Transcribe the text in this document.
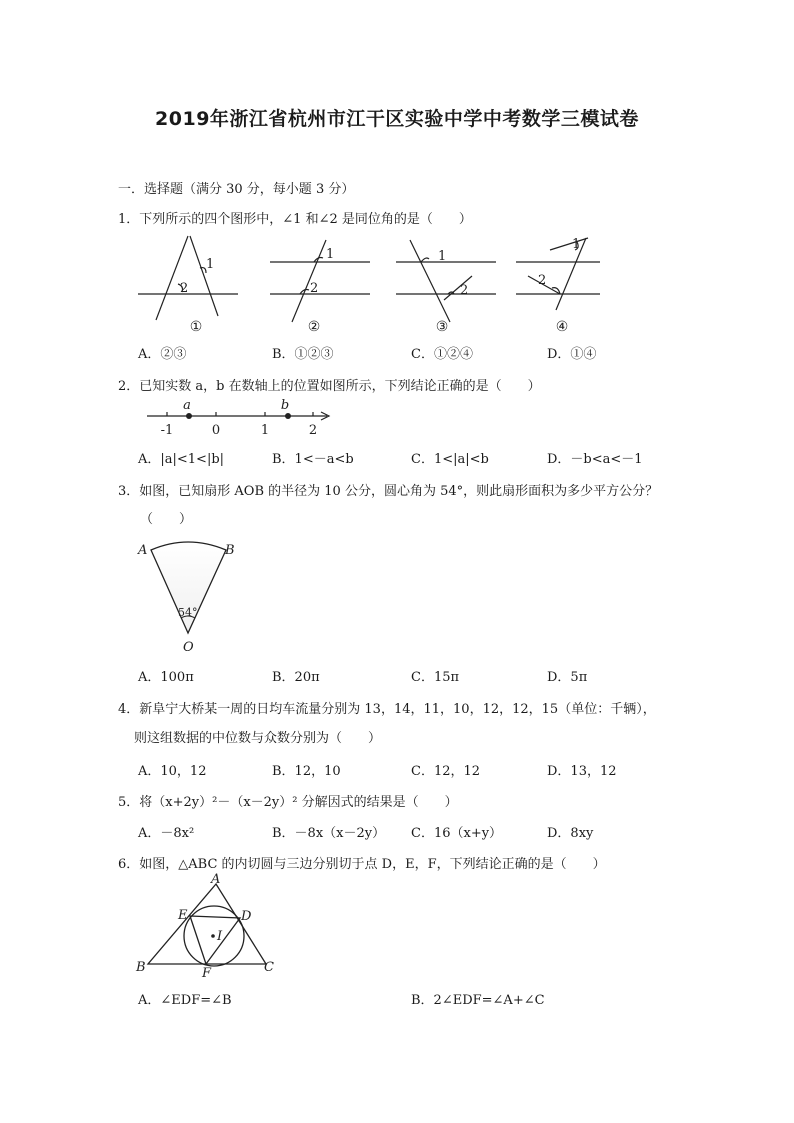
2019年浙江省杭州市江干区实验中学中考数学三模试卷
一．选择题（满分 30 分，每小题 3 分）
1．下列所示的四个图形中，∠1 和∠2 是同位角的是（　　）
1
2
1
2
1
2
1
2
①	②	③	④
A．②③	B．①②③	C．①②④	D．①④
2．已知实数 a，b 在数轴上的位置如图所示，下列结论正确的是（　　）
a	b
-1	0	1	2
A．|a|<1<|b|	B．1<－a<b	C．1<|a|<b	D．－b<a<－1
3．如图，已知扇形 AOB 的半径为 10 公分，圆心角为 54°，则此扇形面积为多少平方公分？
（　　）
A	B
O
54°
A．100π	B．20π	C．15π	D．5π
4．新阜宁大桥某一周的日均车流量分别为 13，14，11，10，12，12，15（单位：千辆），
则这组数据的中位数与众数分别为（　　）
A．10，12	B．12，10	C．12，12	D．13，12
5．将（x+2y）²－（x－2y）² 分解因式的结果是（　　）
A．－8x²	B．－8x（x－2y） C．16（x+y）	D．8xy
6．如图，△ABC 的内切圆与三边分别切于点 D，E，F，下列结论正确的是（　　）
A
B	C
D
E
F
I
A．∠EDF=∠B	B．2∠EDF=∠A+∠C
